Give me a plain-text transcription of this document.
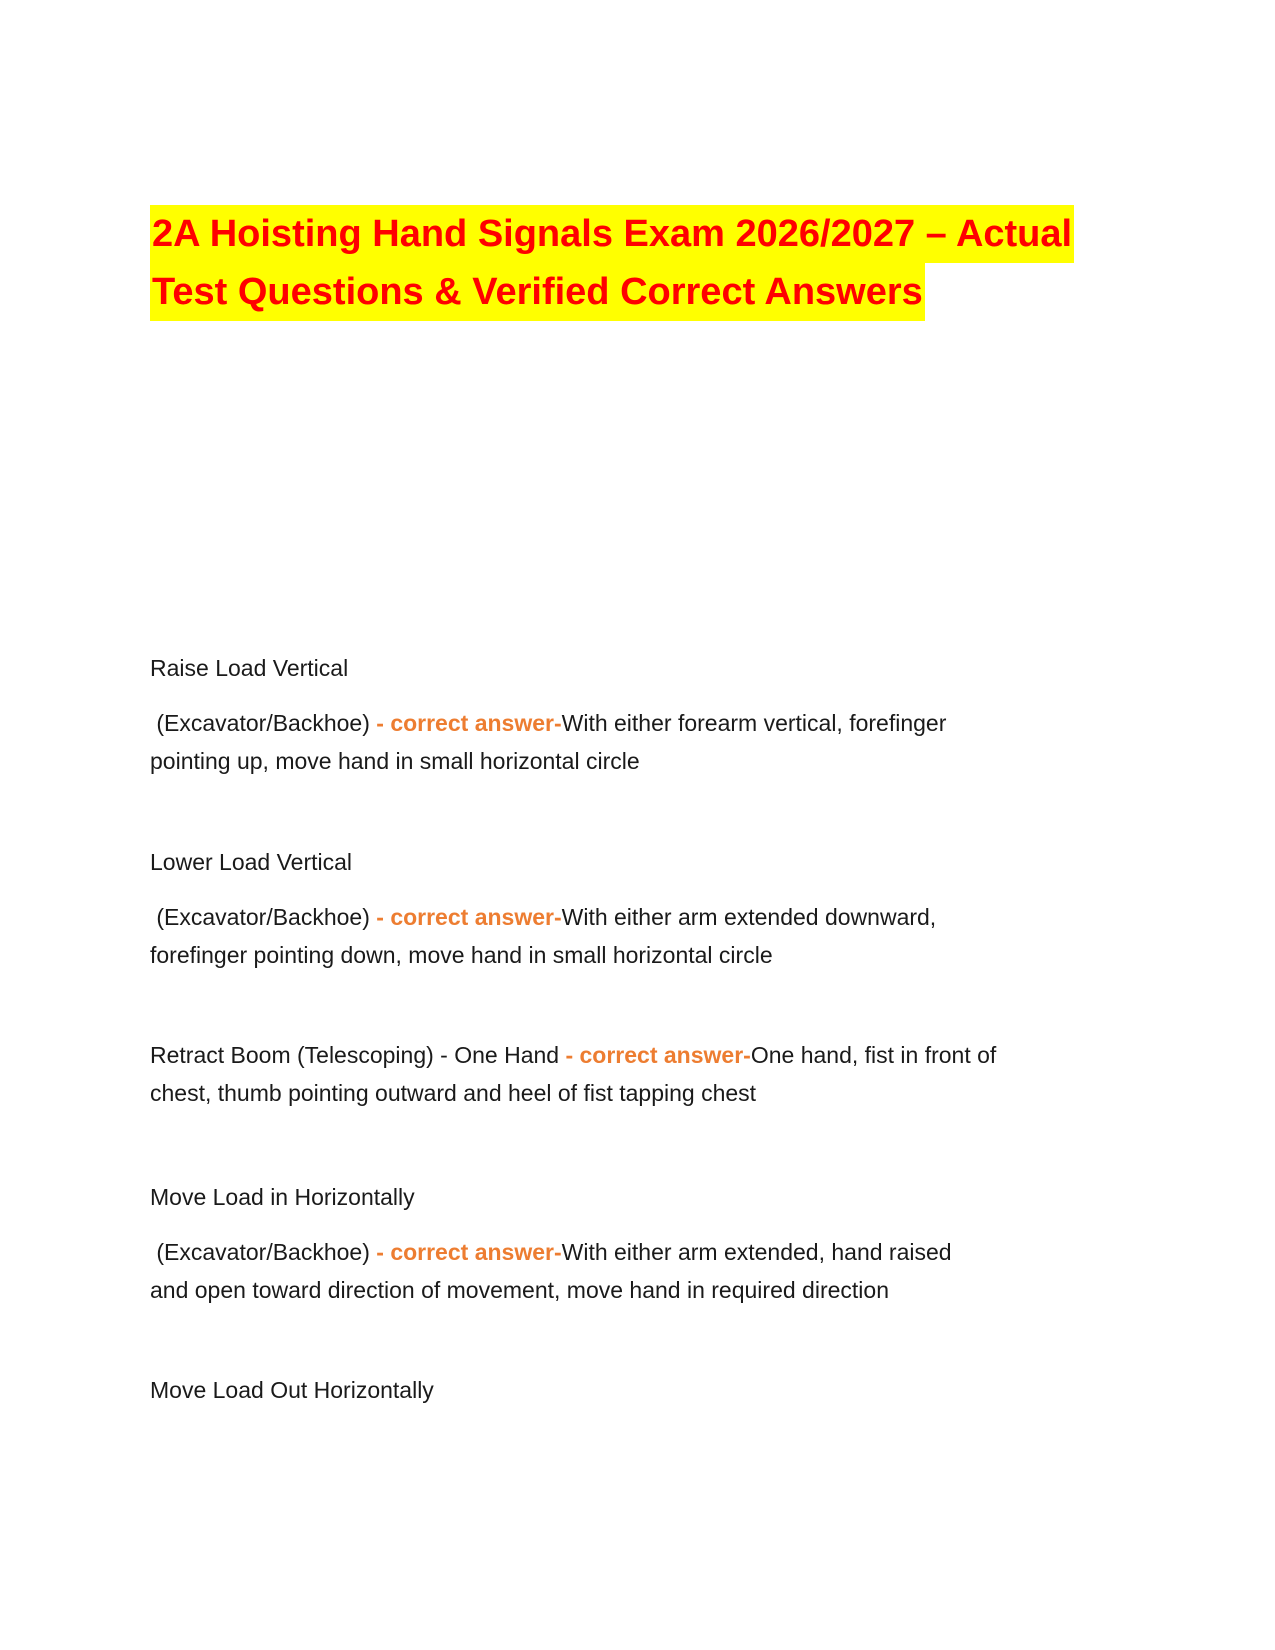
2A Hoisting Hand Signals Exam 2026/2027 – Actual
Test Questions & Verified Correct Answers

Raise Load Vertical

(Excavator/Backhoe) - correct answer-With either forearm vertical, forefinger

pointing up, move hand in small horizontal circle

Lower Load Vertical

(Excavator/Backhoe) - correct answer-With either arm extended downward,

forefinger pointing down, move hand in small horizontal circle

Retract Boom (Telescoping) - One Hand - correct answer-One hand, fist in front of

chest, thumb pointing outward and heel of fist tapping chest

Move Load in Horizontally

(Excavator/Backhoe) - correct answer-With either arm extended, hand raised

and open toward direction of movement, move hand in required direction

Move Load Out Horizontally
